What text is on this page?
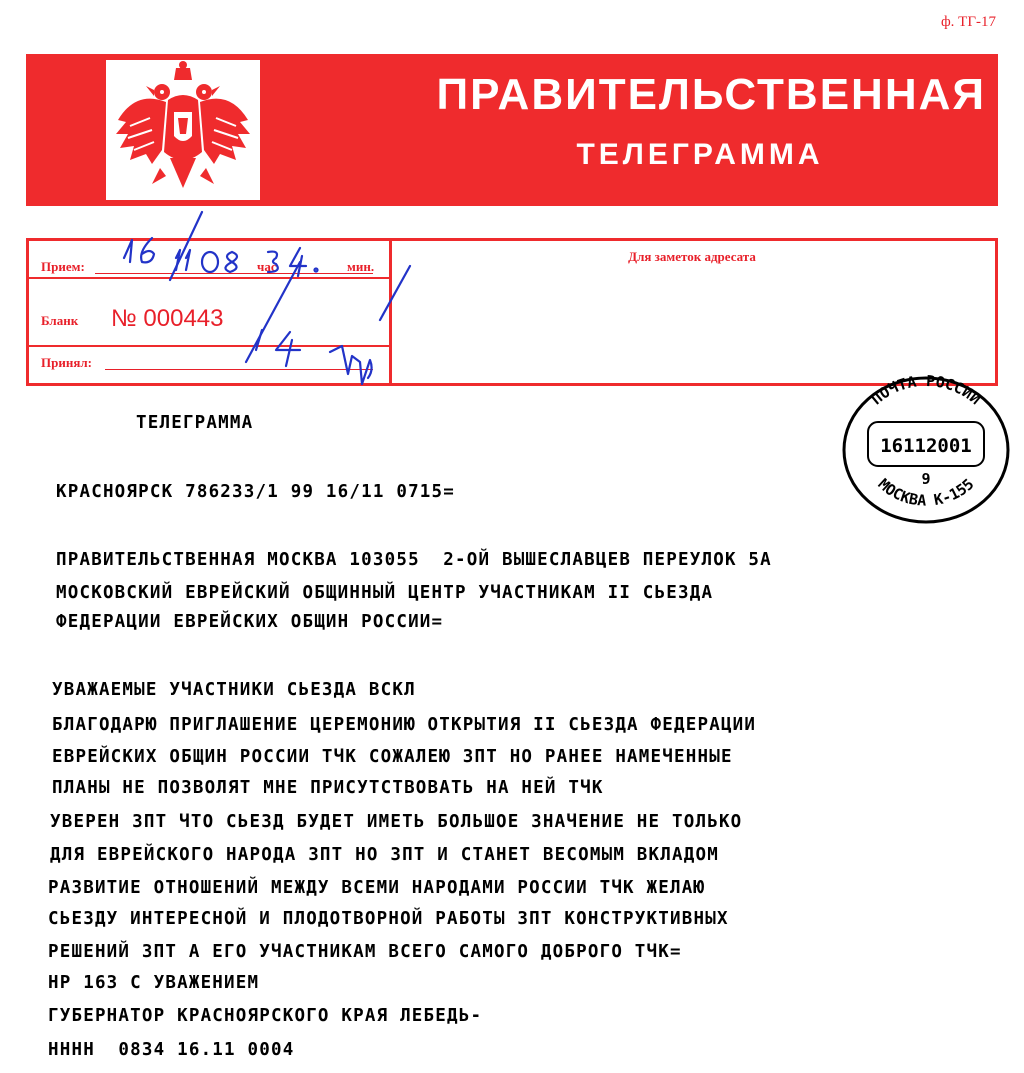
ф. ТГ-17
ПРАВИТЕЛЬСТВЕННАЯ
ТЕЛЕГРАММА
Прием:	час	мин.
Бланк № 000443
Принял:
Для заметок адресата
ПОЧТА РОССИИ
МОСКВА К-155
16112001
9

ТЕЛЕГРАММА

КРАСНОЯРСК 786233/1 99 16/11 0715=

ПРАВИТЕЛЬСТВЕННАЯ МОСКВА 103055  2-ОЙ ВЫШЕСЛАВЦЕВ ПЕРЕУЛОК 5А

МОСКОВСКИЙ ЕВРЕЙСКИЙ ОБЩИННЫЙ ЦЕНТР УЧАСТНИКАМ II СЬЕЗДА

ФЕДЕРАЦИИ ЕВРЕЙСКИХ ОБЩИН РОССИИ=

УВАЖАЕМЫЕ УЧАСТНИКИ СЬЕЗДА ВСКЛ

БЛАГОДАРЮ ПРИГЛАШЕНИЕ ЦЕРЕМОНИЮ ОТКРЫТИЯ II СЬЕЗДА ФЕДЕРАЦИИ

ЕВРЕЙСКИХ ОБЩИН РОССИИ ТЧК СОЖАЛЕЮ ЗПТ НО РАНЕЕ НАМЕЧЕННЫЕ

ПЛАНЫ НЕ ПОЗВОЛЯТ МНЕ ПРИСУТСТВОВАТЬ НА НЕЙ ТЧК

УВЕРЕН ЗПТ ЧТО СЬЕЗД БУДЕТ ИМЕТЬ БОЛЬШОЕ ЗНАЧЕНИЕ НЕ ТОЛЬКО

ДЛЯ ЕВРЕЙСКОГО НАРОДА ЗПТ НО ЗПТ И СТАНЕТ ВЕСОМЫМ ВКЛАДОМ

РАЗВИТИЕ ОТНОШЕНИЙ МЕЖДУ ВСЕМИ НАРОДАМИ РОССИИ ТЧК ЖЕЛАЮ

СЬЕЗДУ ИНТЕРЕСНОЙ И ПЛОДОТВОРНОЙ РАБОТЫ ЗПТ КОНСТРУКТИВНЫХ

РЕШЕНИЙ ЗПТ А ЕГО УЧАСТНИКАМ ВСЕГО САМОГО ДОБРОГО ТЧК=

НР 163 С УВАЖЕНИЕМ

ГУБЕРНАТОР КРАСНОЯРСКОГО КРАЯ ЛЕБЕДЬ-

НННН  0834 16.11 0004
